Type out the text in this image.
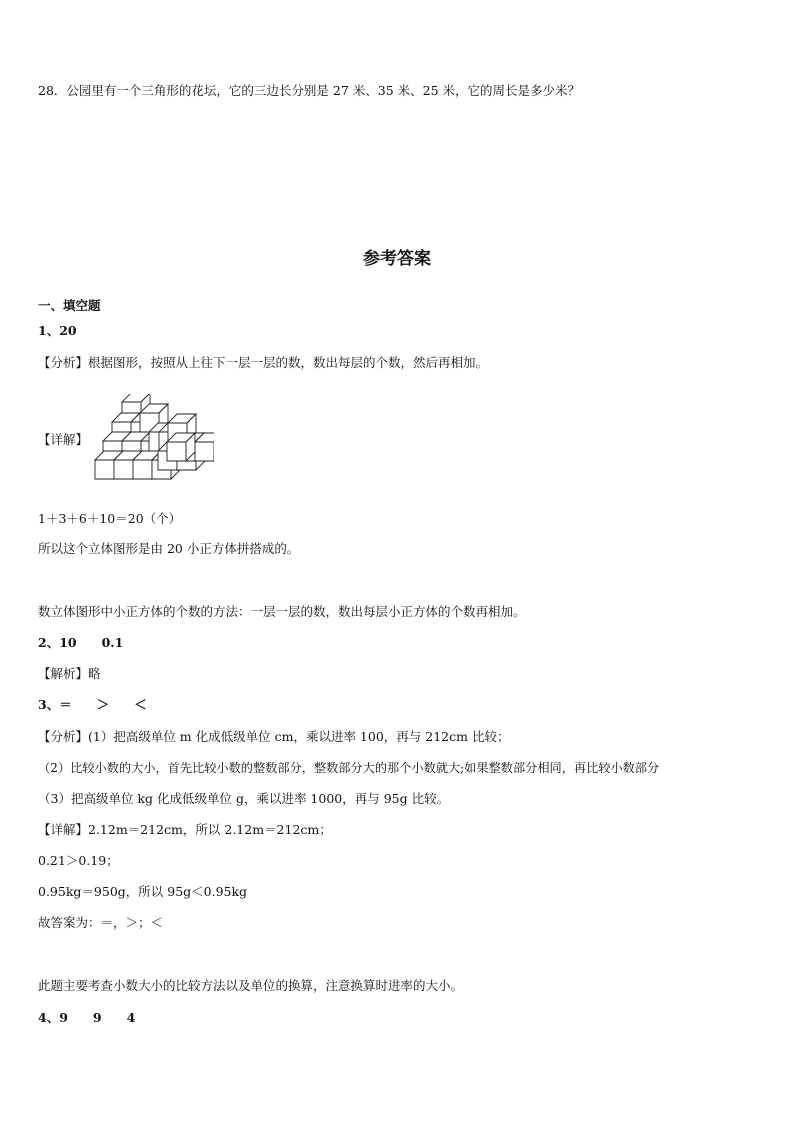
28．公园里有一个三角形的花坛，它的三边长分别是 27 米、35 米、25 米，它的周长是多少米？
参考答案
一、填空题
1、20
【分析】根据图形，按照从上往下一层一层的数，数出每层的个数，然后再相加。
【详解】
1＋3＋6＋10＝20（个）
所以这个立体图形是由 20 小正方体拼搭成的。
数立体图形中小正方体的个数的方法：一层一层的数，数出每层小正方体的个数再相加。
2、10　　0.1
【解析】略
3、＝　　＞　　＜
【分析】(1）把高级单位 m 化成低级单位 cm，乘以进率 100，再与 212cm 比较；
（2）比较小数的大小，首先比较小数的整数部分，整数部分大的那个小数就大;如果整数部分相同，再比较小数部分
（3）把高级单位 kg 化成低级单位 g，乘以进率 1000，再与 95g 比较。
【详解】2.12m＝212cm，所以 2.12m＝212cm；
0.21＞0.19；
0.95kg＝950g，所以 95g＜0.95kg
故答案为：＝，＞；＜
此题主要考查小数大小的比较方法以及单位的换算，注意换算时进率的大小。
4、9　　9　　4
